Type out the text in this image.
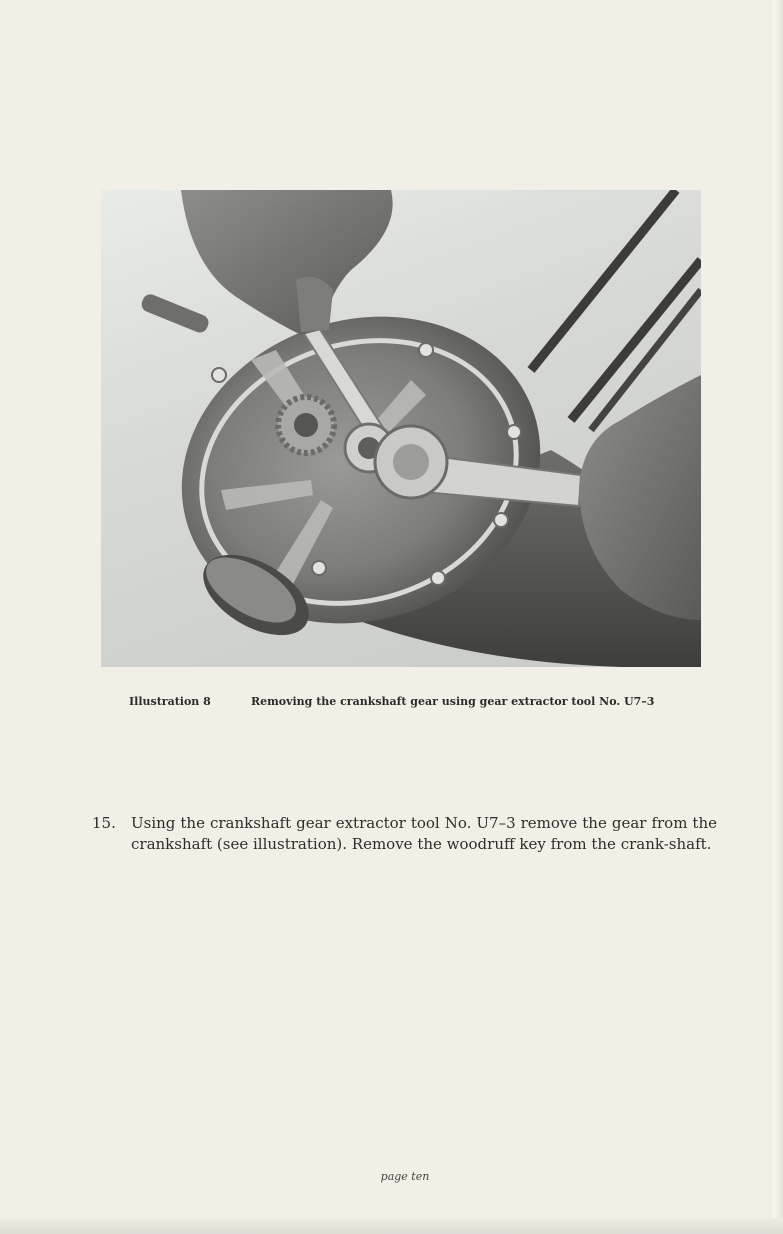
Illustration 8	Removing the crankshaft gear using gear extractor tool No. U7–3
15. Using the crankshaft gear extractor tool No. U7–3 remove the gear from the crankshaft (see illustration). Remove the woodruff key from the crank-shaft.
page ten
